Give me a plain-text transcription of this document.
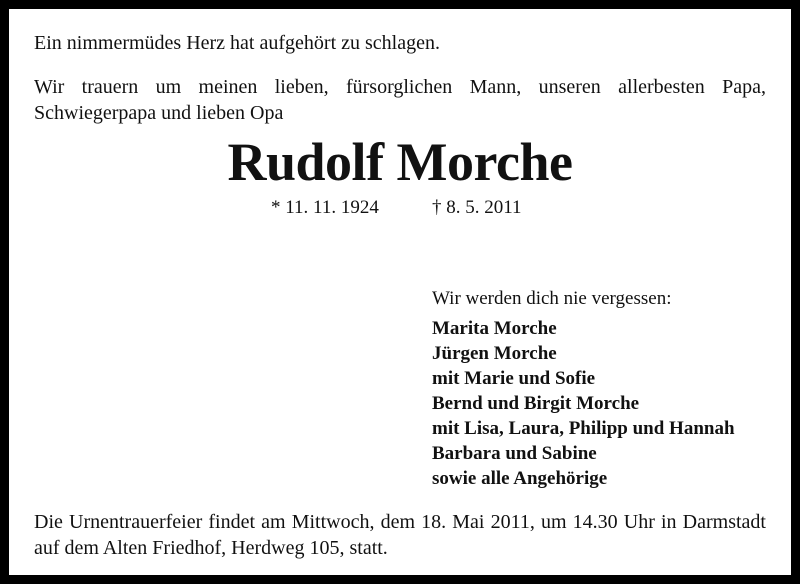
Ein nimmermüdes Herz hat aufgehört zu schlagen.

Wir trauern um meinen lieben, fürsorglichen Mann, unseren allerbesten Papa, Schwiegerpapa und lieben Opa

Rudolf Morche
* 11. 11. 1924	† 8. 5. 2011
Wir werden dich nie vergessen:
Marita Morche
Jürgen Morche
mit Marie und Sofie
Bernd und Birgit Morche
mit Lisa, Laura, Philipp und Hannah
Barbara und Sabine
sowie alle Angehörige

Die Urnentrauerfeier findet am Mittwoch, dem 18. Mai 2011, um 14.30 Uhr in Darmstadt auf dem Alten Friedhof, Herdweg 105, statt.
